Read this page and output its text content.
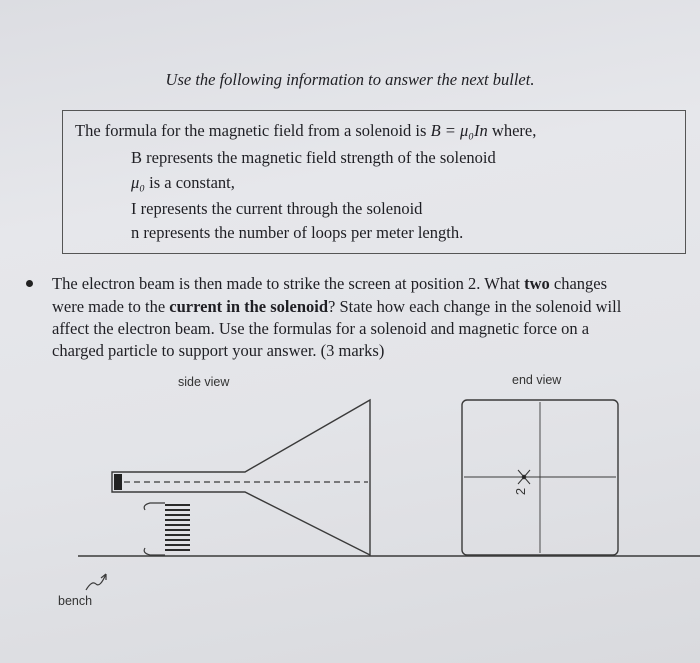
Use the following information to answer the next bullet.
The formula for the magnetic field from a solenoid is B = μ₀In where,
B represents the magnetic field strength of the solenoid
μ₀ is a constant,
I represents the current through the solenoid
n represents the number of loops per meter length.
The electron beam is then made to strike the screen at position 2. What two changes
were made to the current in the solenoid? State how each change in the solenoid will
affect the electron beam. Use the formulas for a solenoid and magnetic force on a
charged particle to support your answer. (3 marks)
side view	end view
bench
2
